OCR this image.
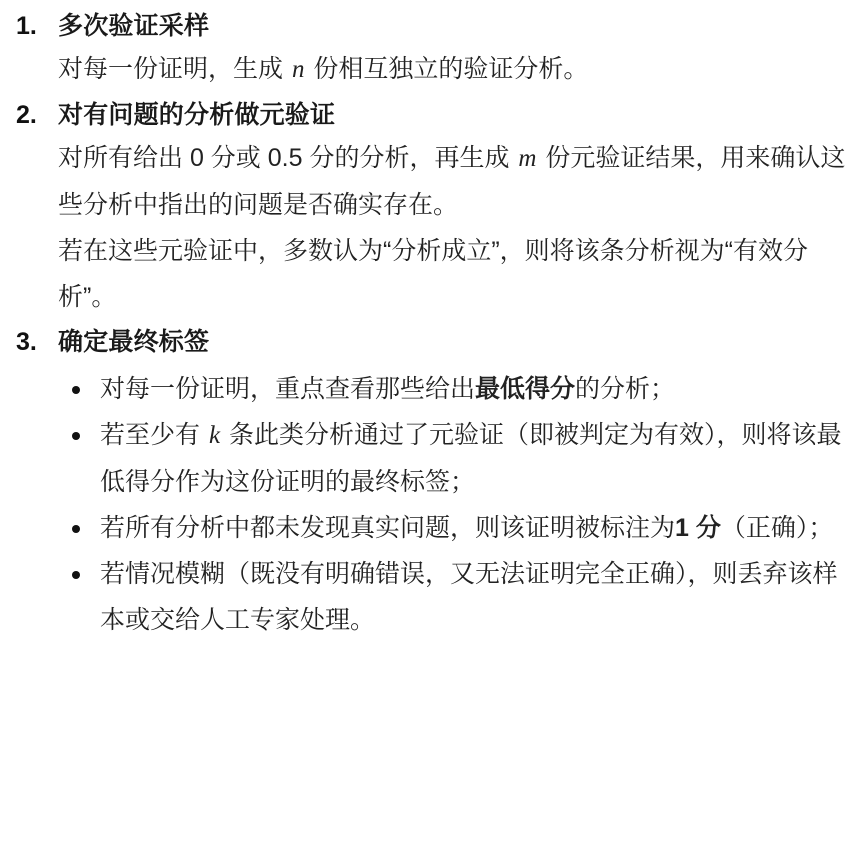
多次验证采样
对每一份证明，生成 n 份相互独立的验证分析。
对有问题的分析做元验证
对所有给出 0 分或 0.5 分的分析，再生成 m 份元验证结果，用来确认这些分析中指出的问题是否确实存在。
若在这些元验证中，多数认为“分析成立”，则将该条分析视为“有效分析”。
确定最终标签
对每一份证明，重点查看那些给出最低得分的分析；
若至少有 k 条此类分析通过了元验证（即被判定为有效），则将该最低得分作为这份证明的最终标签；
若所有分析中都未发现真实问题，则该证明被标注为1 分（正确）；
若情况模糊（既没有明确错误，又无法证明完全正确），则丢弃该样本或交给人工专家处理。
